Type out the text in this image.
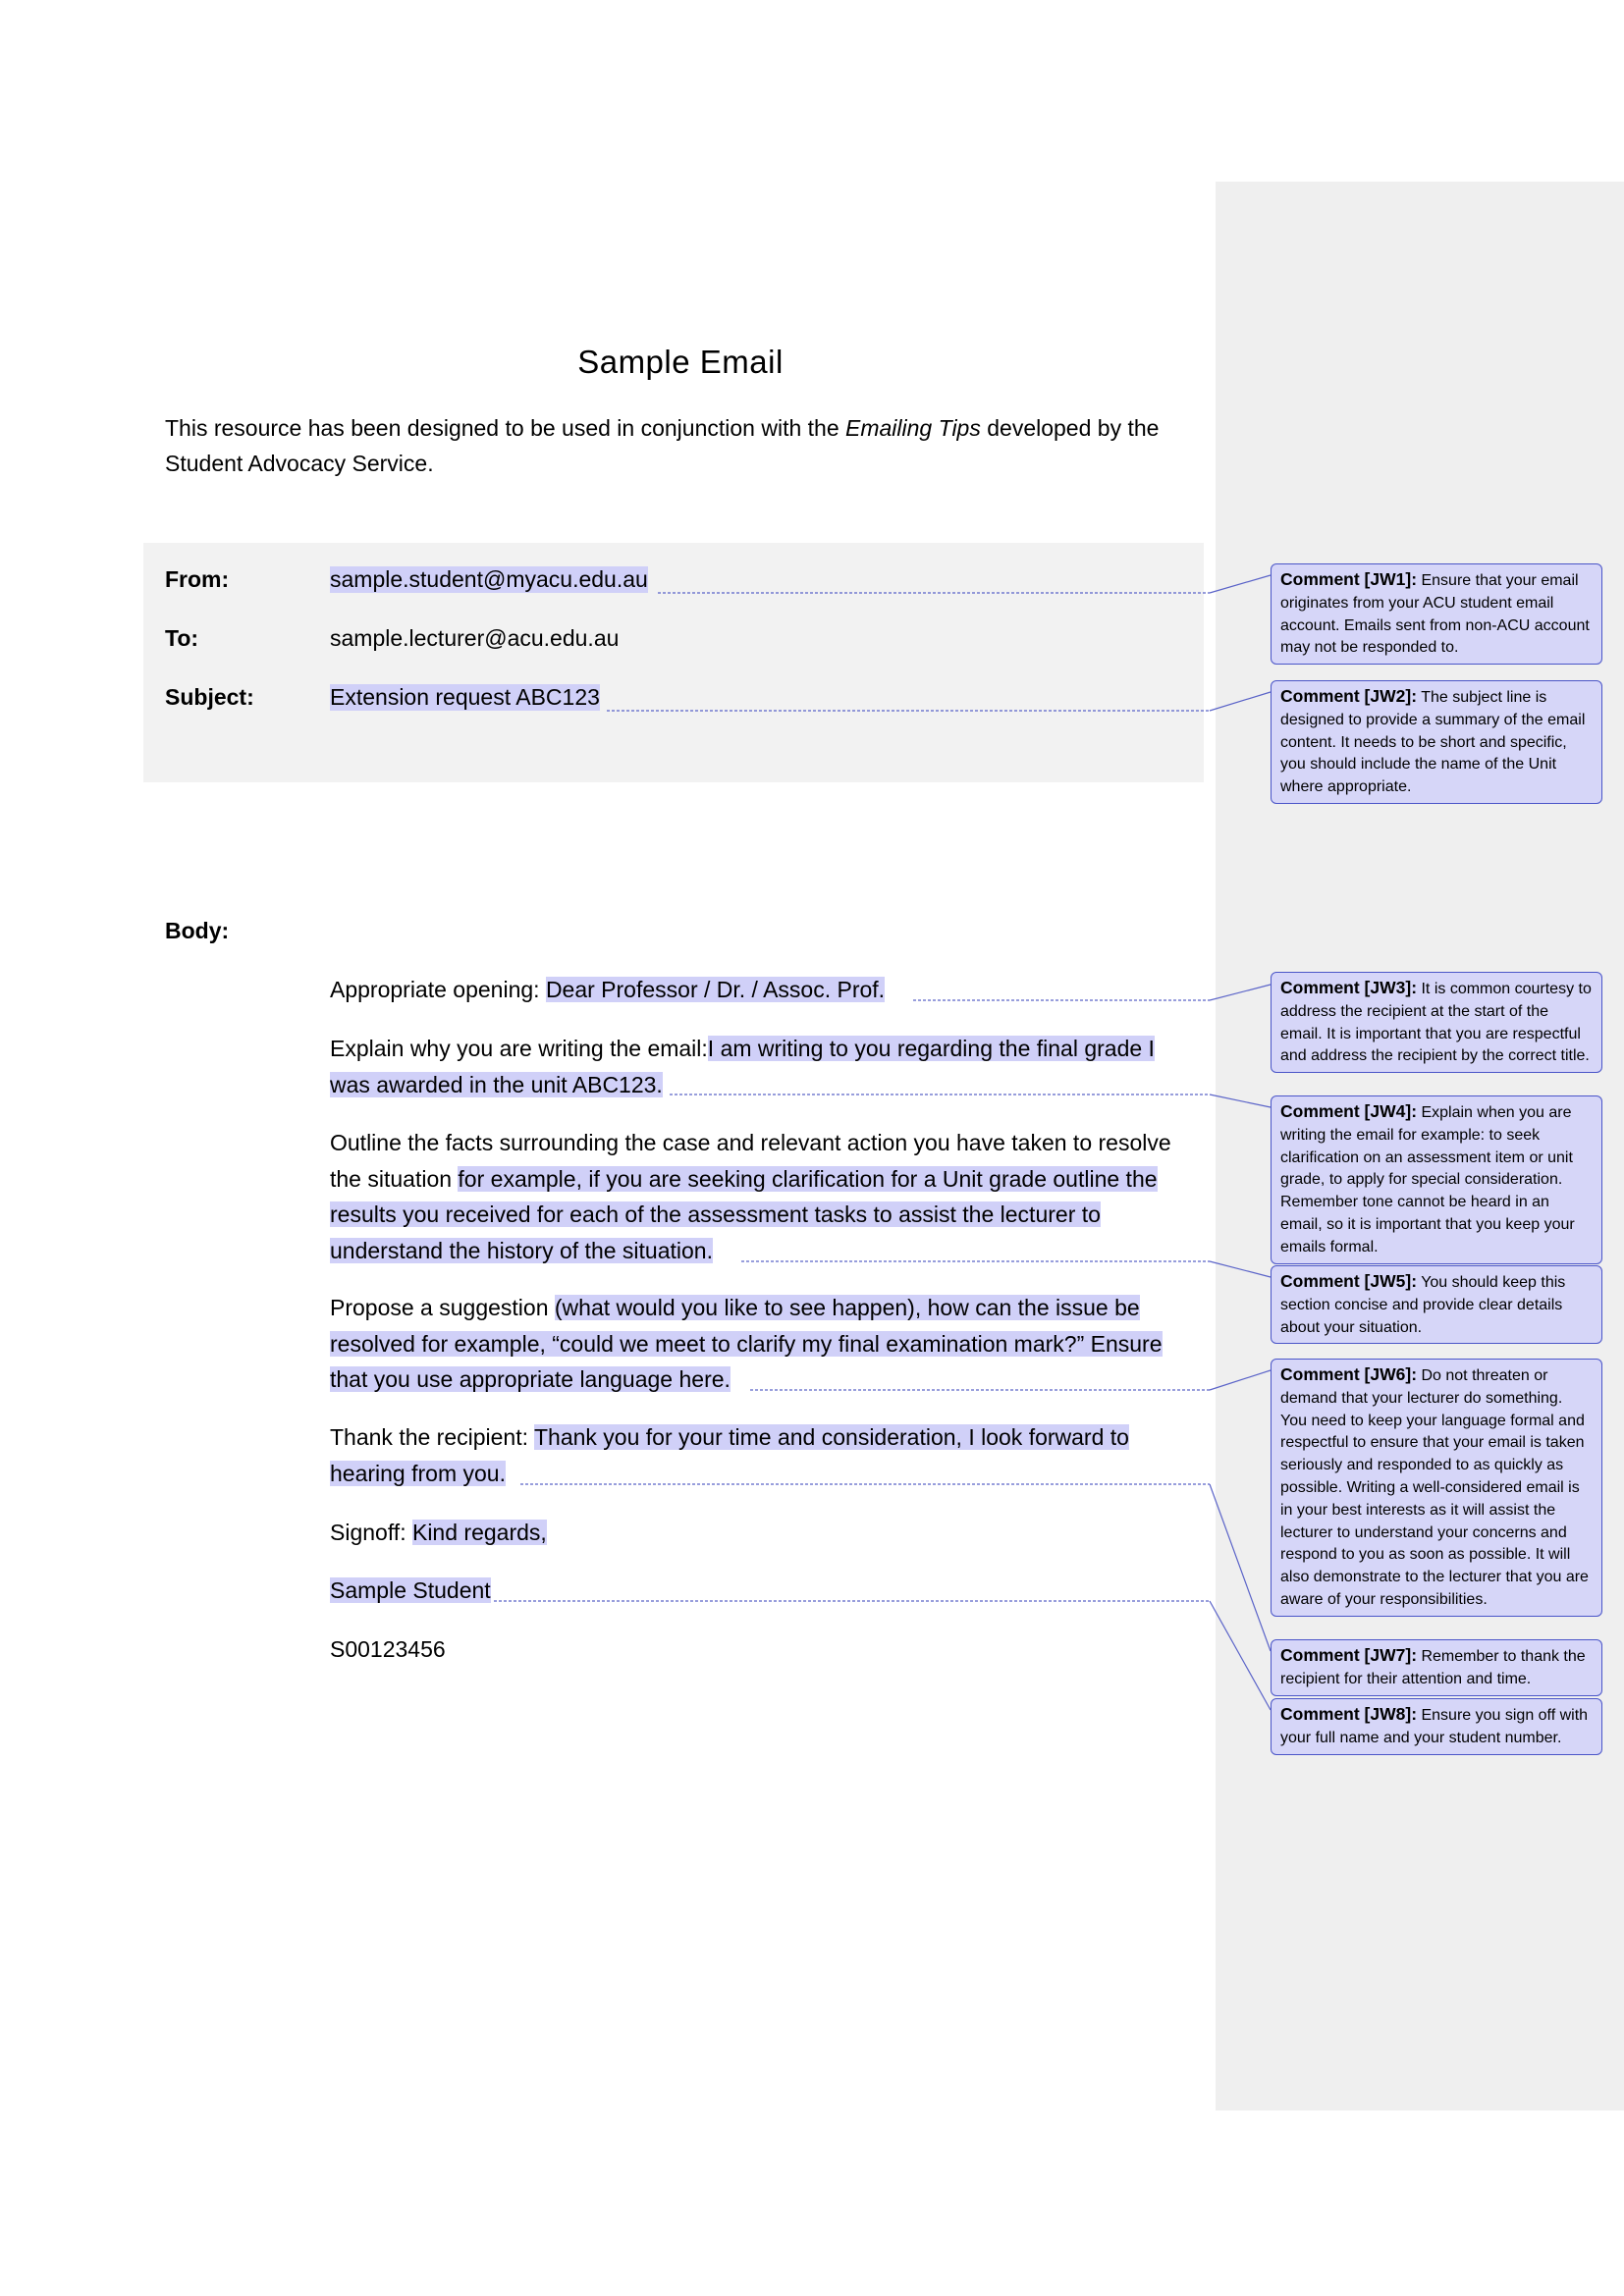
Sample Email
This resource has been designed to be used in conjunction with the Emailing Tips developed by the Student Advocacy Service.
From:	sample.student@myacu.edu.au
To:	sample.lecturer@acu.edu.au
Subject:	Extension request ABC123
Body:
Appropriate opening: Dear Professor / Dr. / Assoc. Prof.
Explain why you are writing the email:I am writing to you regarding the final grade I was awarded in the unit ABC123.
Outline the facts surrounding the case and relevant action you have taken to resolve the situation for example, if you are seeking clarification for a Unit grade outline the results you received for each of the assessment tasks to assist the lecturer to understand the history of the situation.
Propose a suggestion (what would you like to see happen), how can the issue be resolved for example, “could we meet to clarify my final examination mark?” Ensure that you use appropriate language here.
Thank the recipient: Thank you for your time and consideration, I look forward to hearing from you.
Signoff: Kind regards,
Sample Student
S00123456
Comment [JW1]: Ensure that your email originates from your ACU student email account. Emails sent from non-ACU account may not be responded to.
Comment [JW2]: The subject line is designed to provide a summary of the email content. It needs to be short and specific, you should include the name of the Unit where appropriate.
Comment [JW3]: It is common courtesy to address the recipient at the start of the email. It is important that you are respectful and address the recipient by the correct title.
Comment [JW4]: Explain when you are writing the email for example: to seek clarification on an assessment item or unit grade, to apply for special consideration. Remember tone cannot be heard in an email, so it is important that you keep your emails formal.
Comment [JW5]: You should keep this section concise and provide clear details about your situation.
Comment [JW6]: Do not threaten or demand that your lecturer do something. You need to keep your language formal and respectful to ensure that your email is taken seriously and responded to as quickly as possible. Writing a well-considered email is in your best interests as it will assist the lecturer to understand your concerns and respond to you as soon as possible. It will also demonstrate to the lecturer that you are aware of your responsibilities.
Comment [JW7]: Remember to thank the recipient for their attention and time.
Comment [JW8]: Ensure you sign off with your full name and your student number.
